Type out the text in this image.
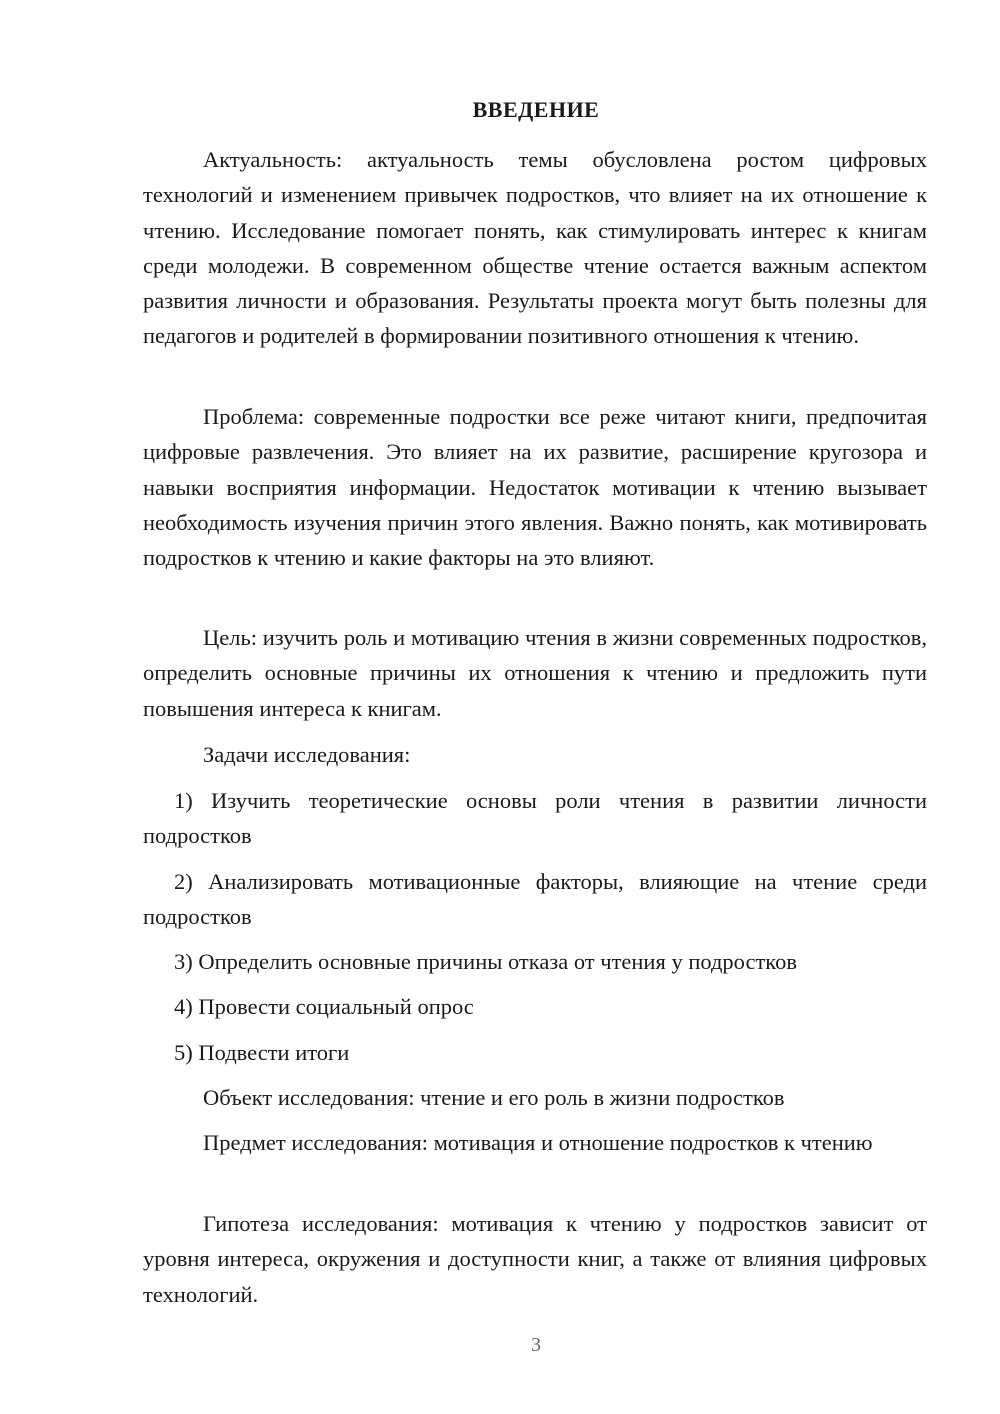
ВВЕДЕНИЕ

Актуальность: актуальность темы обусловлена ростом цифровых технологий и изменением привычек подростков, что влияет на их отношение к чтению. Исследование помогает понять, как стимулировать интерес к книгам среди молодежи. В современном обществе чтение остается важным аспектом развития личности и образования. Результаты проекта могут быть полезны для педагогов и родителей в формировании позитивного отношения к чтению.

Проблема: современные подростки все реже читают книги, предпочитая цифровые развлечения. Это влияет на их развитие, расширение кругозора и навыки восприятия информации. Недостаток мотивации к чтению вызывает необходимость изучения причин этого явления. Важно понять, как мотивировать подростков к чтению и какие факторы на это влияют.

Цель: изучить роль и мотивацию чтения в жизни современных подростков, определить основные причины их отношения к чтению и предложить пути повышения интереса к книгам.

Задачи исследования:

1) Изучить теоретические основы роли чтения в развитии личности подростков

2) Анализировать мотивационные факторы, влияющие на чтение среди подростков

3) Определить основные причины отказа от чтения у подростков

4) Провести социальный опрос

5) Подвести итоги

Объект исследования: чтение и его роль в жизни подростков

Предмет исследования: мотивация и отношение подростков к чтению

Гипотеза исследования: мотивация к чтению у подростков зависит от уровня интереса, окружения и доступности книг, а также от влияния цифровых технологий.

3
